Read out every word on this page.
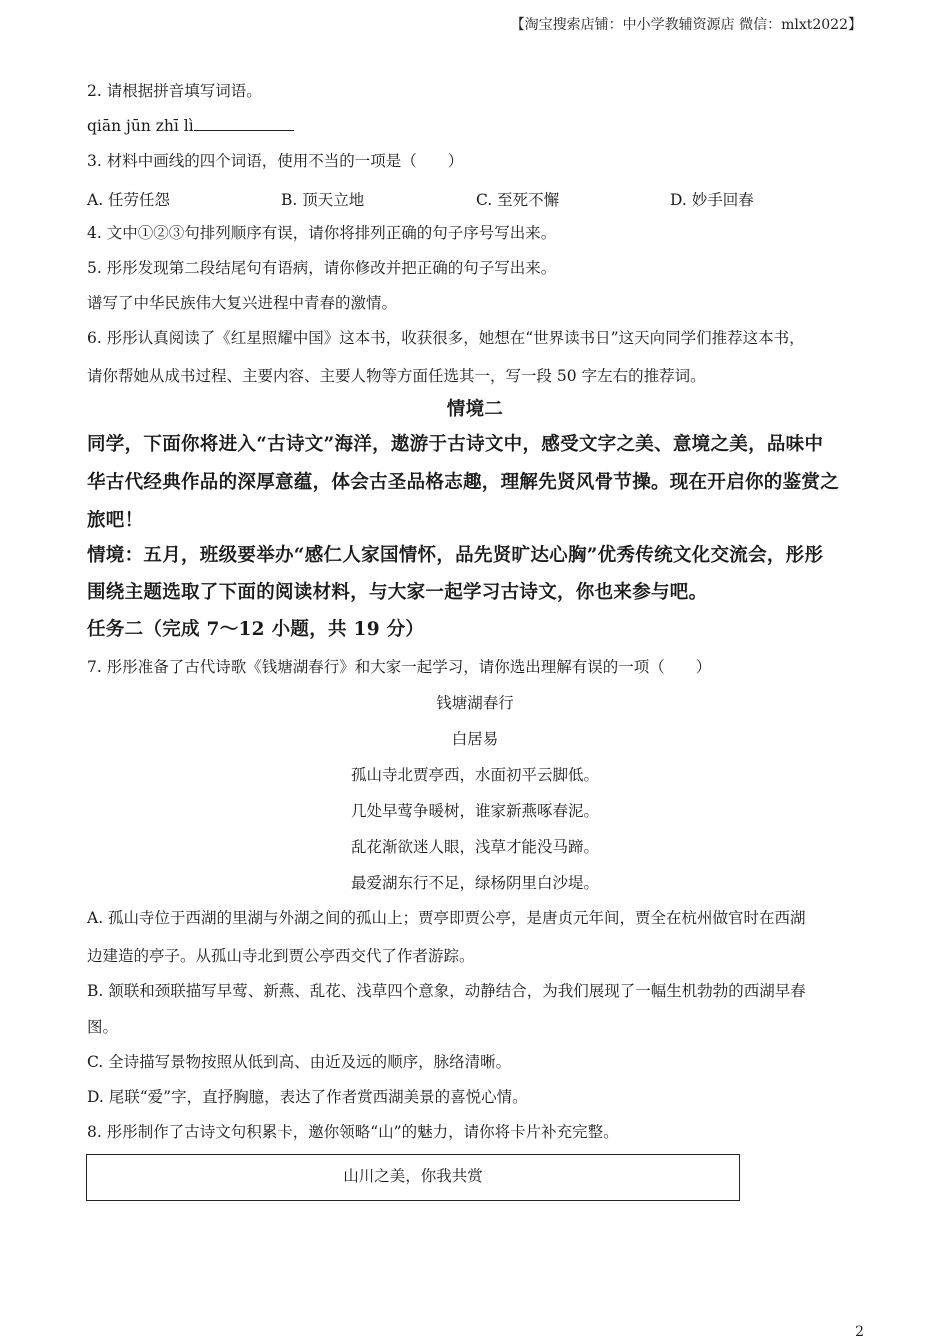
【淘宝搜索店铺：中小学教辅资源店 微信：mlxt2022】
2. 请根据拼音填写词语。
qiān jūn zhī lì
3. 材料中画线的四个词语，使用不当的一项是（　　）
A. 任劳任怨	B. 顶天立地	C. 至死不懈	D. 妙手回春
4. 文中①②③句排列顺序有误，请你将排列正确的句子序号写出来。
5. 彤彤发现第二段结尾句有语病，请你修改并把正确的句子写出来。
谱写了中华民族伟大复兴进程中青春的激情。
6. 彤彤认真阅读了《红星照耀中国》这本书，收获很多，她想在“世界读书日”这天向同学们推荐这本书，
请你帮她从成书过程、主要内容、主要人物等方面任选其一，写一段 50 字左右的推荐词。
情境二
同学，下面你将进入“古诗文”海洋，遨游于古诗文中，感受文字之美、意境之美，品味中
华古代经典作品的深厚意蕴，体会古圣品格志趣，理解先贤风骨节操。现在开启你的鉴赏之
旅吧！
情境：五月，班级要举办“感仁人家国情怀，品先贤旷达心胸”优秀传统文化交流会，彤彤
围绕主题选取了下面的阅读材料，与大家一起学习古诗文，你也来参与吧。
任务二（完成 7～12 小题，共 19 分）
7. 彤彤准备了古代诗歌《钱塘湖春行》和大家一起学习，请你选出理解有误的一项（　　）
钱塘湖春行
白居易
孤山寺北贾亭西，水面初平云脚低。
几处早莺争暖树，谁家新燕啄春泥。
乱花渐欲迷人眼，浅草才能没马蹄。
最爱湖东行不足，绿杨阴里白沙堤。
A. 孤山寺位于西湖的里湖与外湖之间的孤山上；贾亭即贾公亭，是唐贞元年间，贾全在杭州做官时在西湖
边建造的亭子。从孤山寺北到贾公亭西交代了作者游踪。
B. 颔联和颈联描写早莺、新燕、乱花、浅草四个意象，动静结合，为我们展现了一幅生机勃勃的西湖早春
图。
C. 全诗描写景物按照从低到高、由近及远的顺序，脉络清晰。
D. 尾联“爱”字，直抒胸臆，表达了作者赏西湖美景的喜悦心情。
8. 彤彤制作了古诗文句积累卡，邀你领略“山”的魅力，请你将卡片补充完整。
山川之美，你我共赏
2
